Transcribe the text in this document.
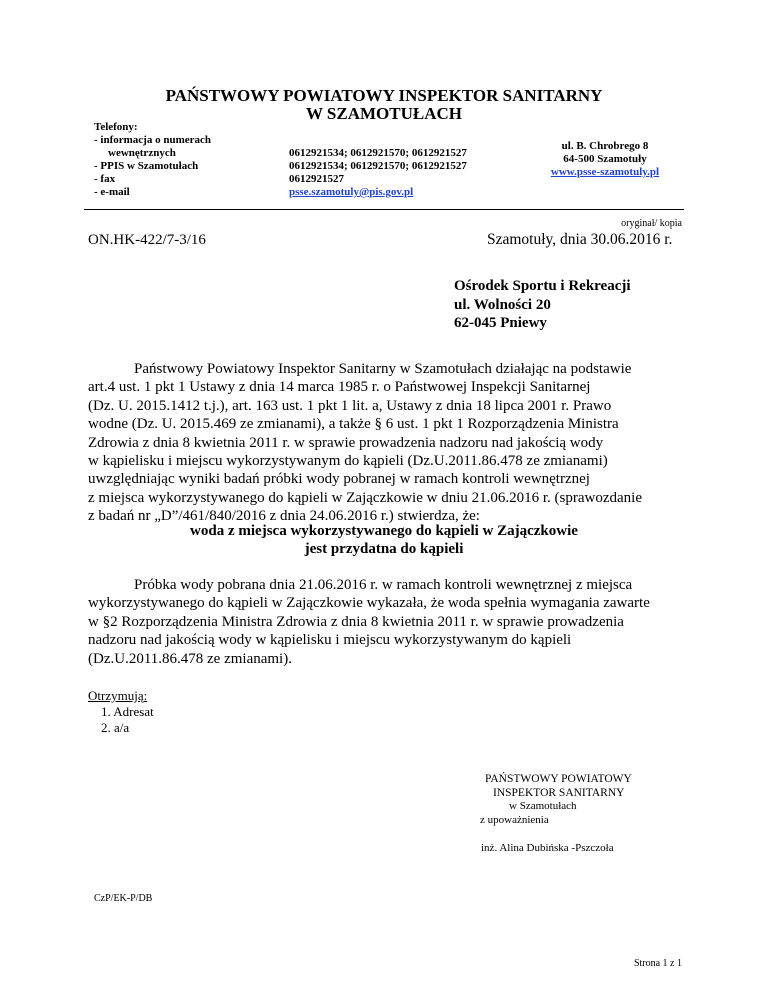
PAŃSTWOWY POWIATOWY INSPEKTOR SANITARNY
W SZAMOTUŁACH
Telefony:
- informacja o numerach
wewnętrznych
- PPIS w Szamotułach
- fax
- e-mail
0612921534; 0612921570; 0612921527
0612921534; 0612921570; 0612921527
0612921527
psse.szamotuly@pis.gov.pl
ul. B. Chrobrego 8
64-500 Szamotuły
www.psse-szamotuly.pl
oryginał/ kopia
ON.HK-422/7-3/16	Szamotuły, dnia 30.06.2016 r.
Ośrodek Sportu i Rekreacji
ul. Wolności 20
62-045 Pniewy
Państwowy Powiatowy Inspektor Sanitarny w Szamotułach działając na podstawie
art.4 ust. 1 pkt 1 Ustawy z dnia 14 marca 1985 r. o Państwowej Inspekcji Sanitarnej
(Dz. U. 2015.1412 t.j.), art. 163 ust. 1 pkt 1 lit. a, Ustawy z dnia 18 lipca 2001 r. Prawo
wodne (Dz. U. 2015.469 ze zmianami), a także § 6 ust. 1 pkt 1 Rozporządzenia Ministra
Zdrowia z dnia 8 kwietnia 2011 r. w sprawie prowadzenia nadzoru nad jakością wody
w kąpielisku i miejscu wykorzystywanym do kąpieli (Dz.U.2011.86.478 ze zmianami)
uwzględniając wyniki badań próbki wody pobranej w ramach kontroli wewnętrznej
z miejsca wykorzystywanego do kąpieli w Zajączkowie w dniu 21.06.2016 r. (sprawozdanie
z badań nr „D”/461/840/2016 z dnia 24.06.2016 r.) stwierdza, że:
woda z miejsca wykorzystywanego do kąpieli w Zajączkowie
jest przydatna do kąpieli
Próbka wody pobrana dnia 21.06.2016 r. w ramach kontroli wewnętrznej z miejsca
wykorzystywanego do kąpieli w Zajączkowie wykazała, że woda spełnia wymagania zawarte
w §2 Rozporządzenia Ministra Zdrowia z dnia 8 kwietnia 2011 r. w sprawie prowadzenia
nadzoru nad jakością wody w kąpielisku i miejscu wykorzystywanym do kąpieli
(Dz.U.2011.86.478 ze zmianami).
Otrzymują:
1. Adresat
2. a/a
PAŃSTWOWY POWIATOWY
INSPEKTOR SANITARNY
w Szamotułach
z upoważnienia
inż. Alina Dubińska -Pszczoła
CzP/EK-P/DB
Strona 1 z 1
